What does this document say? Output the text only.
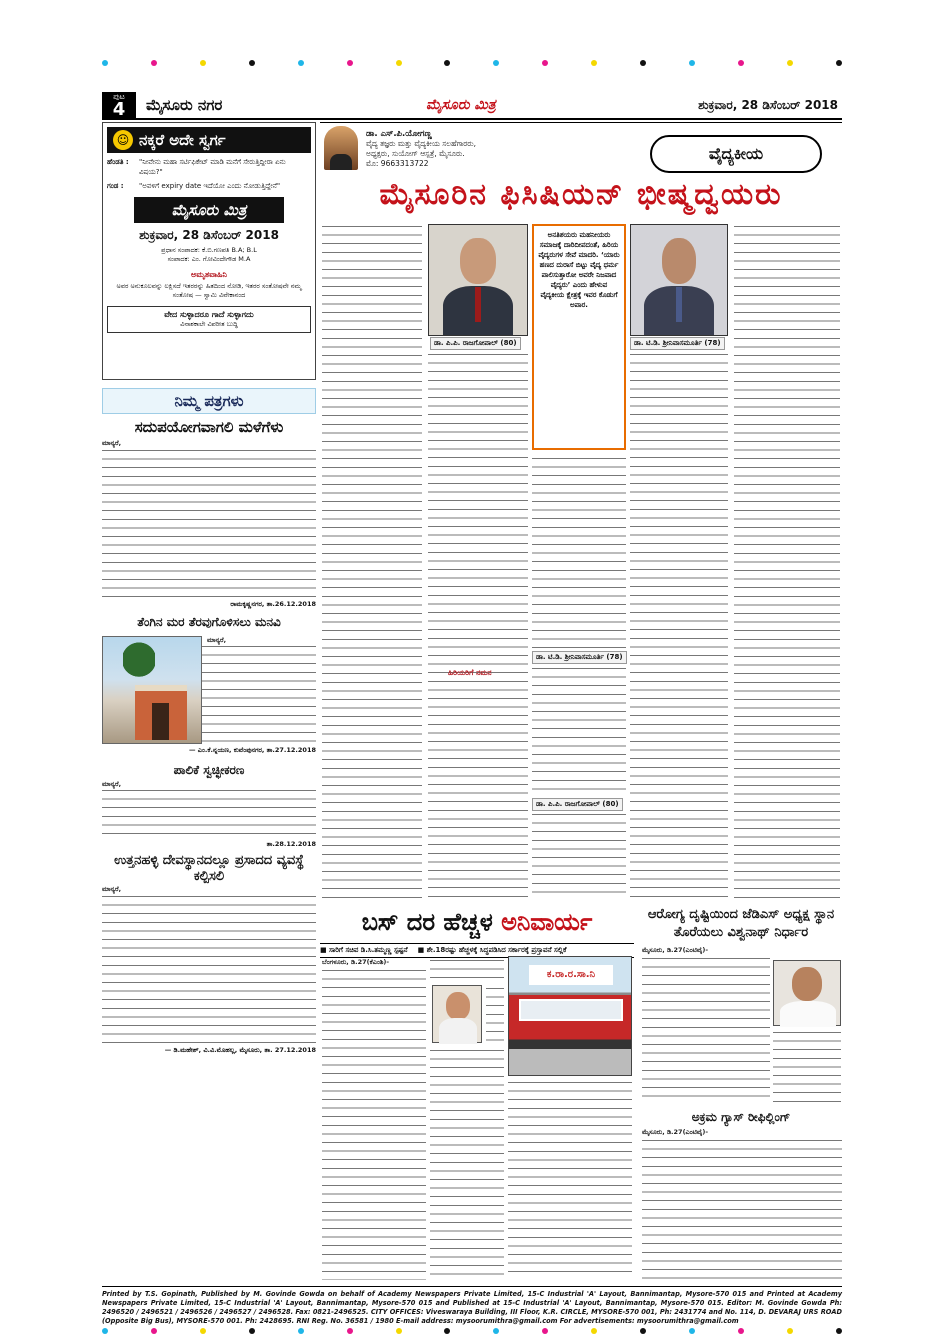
ಪುಟ
4 ಮೈಸೂರು ನಗರ	ಮೈಸೂರು ಮಿತ್ರ	ಶುಕ್ರವಾರ, 28 ಡಿಸೆಂಬರ್ 2018
☺ ನಕ್ಕರೆ ಅದೇ ಸ್ವರ್ಗ
ಹೆಂಡತಿ :	"ನೀವೇನು ಮಹಾ ಸರ್ಟಿಫಿಕೇಟ್ ಮಾಡಿ ಮನೆಗೆ ಸೇರುತ್ತಿದ್ದೀರಾ ಏನು ವಿಷಯ?"
ಗಂಡ :	"ಅವಳಿಗೆ expiry date ಇದೆಯೋ ಎಂದು ನೋಡುತ್ತಿದ್ದೇನೆ"
ಮೈಸೂರು ಮಿತ್ರ
ಶುಕ್ರವಾರ, 28 ಡಿಸೆಂಬರ್ 2018
ಪ್ರಧಾನ ಸಂಪಾದಕ: ಕೆ.ಬಿ.ಗಣಪತಿ B.A; B.L
ಸಂಪಾದಕ: ಎಂ. ಗೋವಿಂದೇಗೌಡ M.A
ಅಮೃತವಾಹಿನಿ
ಅವರ ಅನುಕೂಲವನ್ನು ಲಕ್ಷಿಸದೆ ಇತರರನ್ನು ಹಿತದಿಂದ ನೋಡಿ, ಇತರರ ಸಂತೋಷವೇ ನಮ್ಮ ಸಂತೋಷ — ಸ್ವಾಮಿ ವಿವೇಕಾನಂದ
ವೇದ ಸುಳ್ಳಾದರೂ ಗಾದೆ ಸುಳ್ಳಾಗದು
ವಿನಾಶಕಾಲೇ ವಿಪರೀತ ಬುದ್ಧಿ
ನಿಮ್ಮ ಪತ್ರಗಳು
ಸದುಪಯೋಗವಾಗಲಿ ಮಳೆಗೆಳು
ಮಾನ್ಯರೆ,
ರಾಮಕೃಷ್ಣನಗರ, ತಾ.26.12.2018
ತೆಂಗಿನ ಮರ ತೆರವುಗೊಳಿಸಲು ಮನವಿ
ಮಾನ್ಯರೆ,
— ಎಂ.ಕೆ.ನ್ನಯಣ, ಕುವೆಂಪುನಗರ, ತಾ.27.12.2018
ಪಾಲಿಕೆ ಸ್ವಚ್ಛೀಕರಣ
ಮಾನ್ಯರೆ,
ತಾ.28.12.2018
ಉತ್ತನಹಳ್ಳಿ ದೇವಸ್ಥಾನದಲ್ಲೂ ಪ್ರಸಾದದ ವ್ಯವಸ್ಥೆ ಕಲ್ಪಿಸಲಿ
ಮಾನ್ಯರೆ,
— ಡಿ.ಮಹೇಶ್, ವಿ.ವಿ.ಮೊಹಲ್ಲ, ಮೈಸೂರು, ತಾ. 27.12.2018
ಡಾ. ಎಸ್.ಪಿ.ಯೋಗಣ್ಣ
ವೈದ್ಯ ತಜ್ಞರು ಮತ್ತು ವೈದ್ಯಕೀಯ ಸಲಹೆಗಾರರು,
ಅಧ್ಯಕ್ಷರು, ಸುಯೋಗ್ ಆಸ್ಪತ್ರೆ, ಮೈಸೂರು.
ಮೊ: 9663313722
ವೈದ್ಯಕೀಯ
ಮೈಸೂರಿನ ಫಿಸಿಷಿಯನ್ ಭೀಷ್ಮದ್ವಯರು
ಡಾ. ಪಿ.ಪಿ. ರಾಜಗೋಪಾಲ್ (80)
ಅನತಿಶಯರು ಮಹನೀಯರು ಸಮಾಜಕ್ಕೆ ದಾರಿದೀಪದಂತೆ, ಹಿರಿಯ ವೈದ್ಯರುಗಳ ಸೇವೆ ಮಾದರಿ. ‘ಯಾರು ಹಣದ ದುರಾಸೆ ಬಿಟ್ಟು ವೈದ್ಯ ಧರ್ಮ ಪಾಲಿಸುತ್ತಾರೋ ಅವರೇ ನಿಜವಾದ ವೈದ್ಯರು’ ಎಂದು ಹೇಳುವ ವೈದ್ಯಕೀಯ ಕ್ಷೇತ್ರಕ್ಕೆ ಇವರ ಕೊಡುಗೆ ಅಪಾರ.
ಡಾ. ಟಿ.ಡಿ. ಶ್ರೀನಿವಾಸಮೂರ್ತಿ (78)
ಡಾ. ಪಿ.ಪಿ. ರಾಜಗೋಪಾಲ್ (80)
ಡಾ. ಟಿ.ಡಿ. ಶ್ರೀನಿವಾಸಮೂರ್ತಿ (78)
ಹಿರಿಯರಿಗೆ ನಮನ
ಬಸ್ ದರ ಹೆಚ್ಚಳ ಅನಿವಾರ್ಯ
■ ಸಾರಿಗೆ ಸಚಿವ ಡಿ.ಸಿ.ತಮ್ಮಣ್ಣ ಸ್ಪಷ್ಟನೆ ■ ಶೇ.18ರಷ್ಟು ಹೆಚ್ಚಳಕ್ಕೆ ಸಿದ್ಧಪಡಿಸಿದ ಸರ್ಕಾರಕ್ಕೆ ಪ್ರಸ್ತಾವನೆ ಸಲ್ಲಿಕೆ
ಬೆಂಗಳೂರು, ಡಿ.27(ಕೆಎಂಶಿ)-
ಕ.ರಾ.ರ.ಸಾ.ನಿ
ಆರೋಗ್ಯ ದೃಷ್ಟಿಯಿಂದ ಜೆಡಿಎಸ್ ಅಧ್ಯಕ್ಷ ಸ್ಥಾನ ತೊರೆಯಲು ವಿಶ್ವನಾಥ್ ನಿರ್ಧಾರ
ಮೈಸೂರು, ಡಿ.27(ಎಂಟಿವೈ)-
ಅಕ್ರಮ ಗ್ಯಾಸ್ ರೀಫಿಲ್ಲಿಂಗ್
ಮೈಸೂರು, ಡಿ.27(ಎಂಟಿವೈ)-
Printed by T.S. Gopinath, Published by M. Govinde Gowda on behalf of Academy Newspapers Private Limited, 15-C Industrial 'A' Layout, Bannimantap, Mysore-570 015 and Printed at Academy Newspapers Private Limited, 15-C Industrial 'A' Layout, Bannimantap, Mysore-570 015 and Published at 15-C Industrial 'A' Layout, Bannimantap, Mysore-570 015. Editor: M. Govinde Gowda Ph: 2496520 / 2496521 / 2496526 / 2496527 / 2496528. Fax: 0821-2496525. CITY OFFICES: Viveswaraya Building, III Floor, K.R. CIRCLE, MYSORE-570 001, Ph: 2431774 and No. 114, D. DEVARAJ URS ROAD (Opposite Big Bus), MYSORE-570 001. Ph: 2428695. RNI Reg. No. 36581 / 1980 E-mail address: mysoorumithra@gmail.com For advertisements: mysoorumithra@gmail.com
